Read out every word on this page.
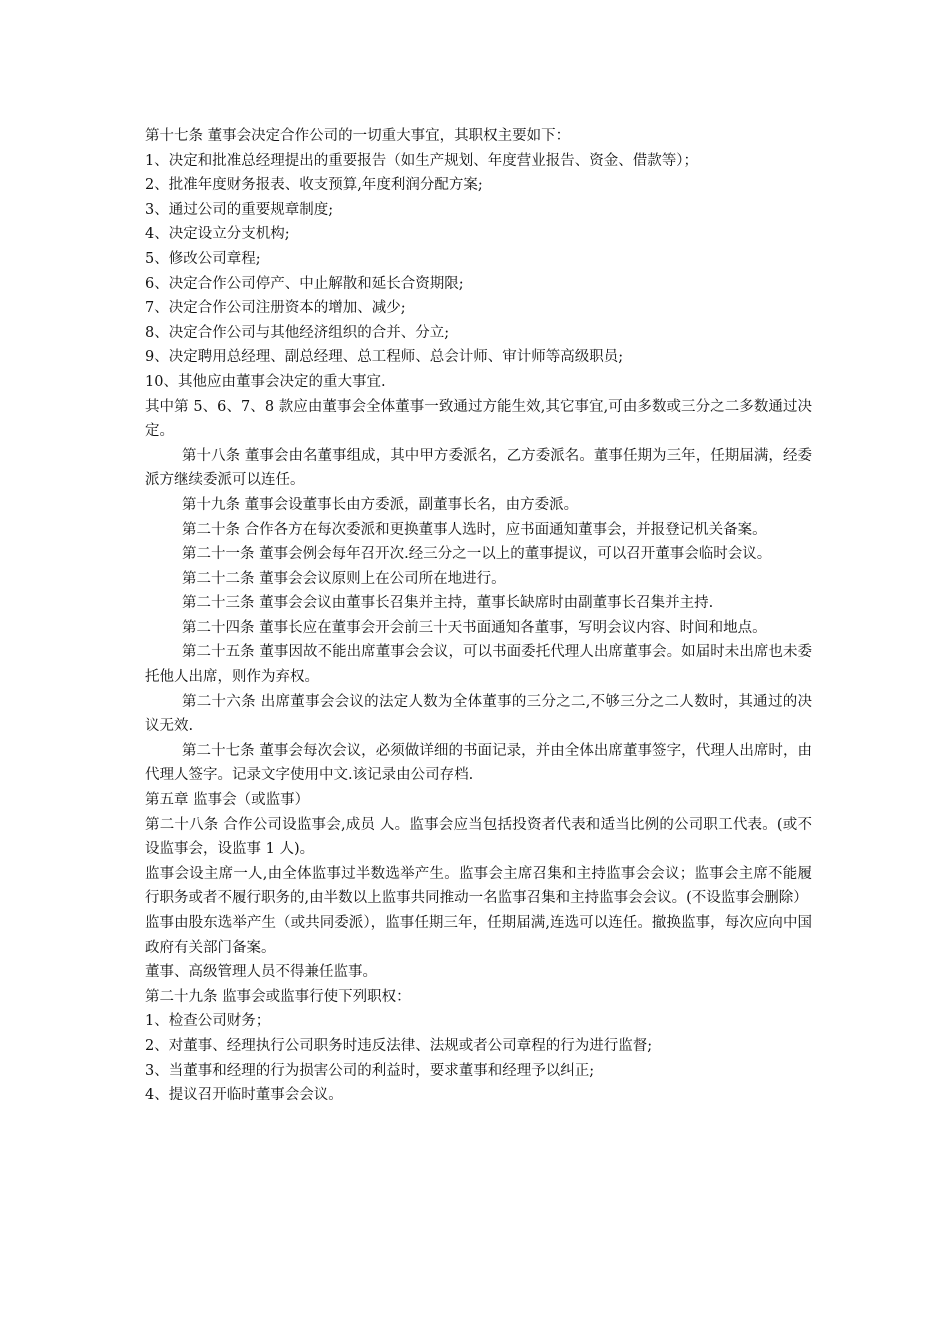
第十七条 董事会决定合作公司的一切重大事宜，其职权主要如下：

1、决定和批准总经理提出的重要报告（如生产规划、年度营业报告、资金、借款等）；

2、批准年度财务报表、收支预算,年度利润分配方案;

3、通过公司的重要规章制度;

4、决定设立分支机构;

5、修改公司章程;

6、决定合作公司停产、中止解散和延长合资期限;

7、决定合作公司注册资本的增加、减少;

8、决定合作公司与其他经济组织的合并、分立;

9、决定聘用总经理、副总经理、总工程师、总会计师、审计师等高级职员;

10、其他应由董事会决定的重大事宜.

其中第 5、6、7、8 款应由董事会全体董事一致通过方能生效,其它事宜,可由多数或三分之二多数通过决定。

第十八条 董事会由名董事组成，其中甲方委派名，乙方委派名。董事任期为三年，任期届满，经委派方继续委派可以连任。

第十九条 董事会设董事长由方委派，副董事长名，由方委派。

第二十条 合作各方在每次委派和更换董事人选时，应书面通知董事会，并报登记机关备案。

第二十一条 董事会例会每年召开次.经三分之一以上的董事提议，可以召开董事会临时会议。

第二十二条 董事会会议原则上在公司所在地进行。

第二十三条 董事会会议由董事长召集并主持，董事长缺席时由副董事长召集并主持.

第二十四条 董事长应在董事会开会前三十天书面通知各董事，写明会议内容、时间和地点。

第二十五条 董事因故不能出席董事会会议，可以书面委托代理人出席董事会。如届时未出席也未委托他人出席，则作为弃权。

第二十六条 出席董事会会议的法定人数为全体董事的三分之二,不够三分之二人数时，其通过的决议无效.

第二十七条 董事会每次会议，必须做详细的书面记录，并由全体出席董事签字，代理人出席时，由代理人签字。记录文字使用中文.该记录由公司存档.

第五章 监事会（或监事）

第二十八条 合作公司设监事会,成员 人。监事会应当包括投资者代表和适当比例的公司职工代表。(或不设监事会，设监事 1 人)。

监事会设主席一人,由全体监事过半数选举产生。监事会主席召集和主持监事会会议；监事会主席不能履行职务或者不履行职务的,由半数以上监事共同推动一名监事召集和主持监事会会议。(不设监事会删除）

监事由股东选举产生（或共同委派），监事任期三年，任期届满,连选可以连任。撤换监事，每次应向中国政府有关部门备案。

董事、高级管理人员不得兼任监事。

第二十九条 监事会或监事行使下列职权：

1、检查公司财务；

2、对董事、经理执行公司职务时违反法律、法规或者公司章程的行为进行监督;

3、当董事和经理的行为损害公司的利益时，要求董事和经理予以纠正;

4、提议召开临时董事会会议。
